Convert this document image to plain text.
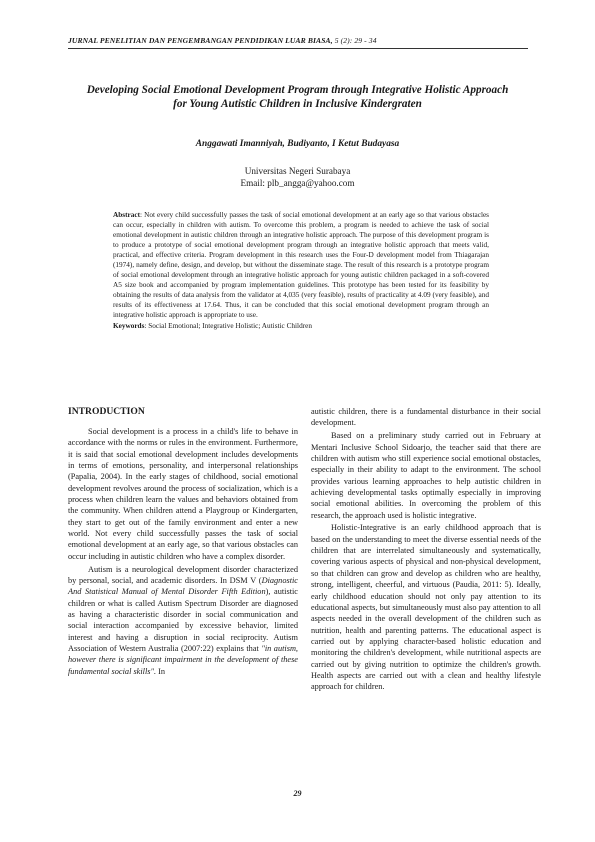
JURNAL PENELITIAN DAN PENGEMBANGAN PENDIDIKAN LUAR BIASA, 5 (2): 29 - 34
Developing Social Emotional Development Program through Integrative Holistic Approach
for Young Autistic Children in Inclusive Kindergraten
Anggawati Imanniyah, Budiyanto, I Ketut Budayasa
Universitas Negeri Surabaya
Email: plb_angga@yahoo.com

Abstract: Not every child successfully passes the task of social emotional development at an early age so that various obstacles can occur, especially in children with autism. To overcome this problem, a program is needed to achieve the task of social emotional development in autistic children through an integrative holistic approach. The purpose of this development program is to produce a prototype of social emotional development program through an integrative holistic approach that meets valid, practical, and effective criteria. Program development in this research uses the Four-D development model from Thiagarajan (1974), namely define, design, and develop, but without the disseminate stage. The result of this research is a prototype program of social emotional development through an integrative holistic approach for young autistic children packaged in a soft-covered A5 size book and accompanied by program implementation guidelines. This prototype has been tested for its feasibility by obtaining the results of data analysis from the validator at 4,035 (very feasible), results of practicality at 4.09 (very feasible), and results of its effectiveness at 17.64. Thus, it can be concluded that this social emotional development program through an integrative holistic approach is appropriate to use.

Keywords: Social Emotional; Integrative Holistic; Autistic Children

INTRODUCTION

Social development is a process in a child's life to behave in accordance with the norms or rules in the environment. Furthermore, it is said that social emotional development includes developments in terms of emotions, personality, and interpersonal relationships (Papalia, 2004). In the early stages of childhood, social emotional development revolves around the process of socialization, which is a process when children learn the values and behaviors obtained from the community. When children attend a Playgroup or Kindergarten, they start to get out of the family environment and enter a new world. Not every child successfully passes the task of social emotional development at an early age, so that various obstacles can occur including in autistic children who have a complex disorder.

Autism is a neurological development disorder characterized by personal, social, and academic disorders. In DSM V (Diagnostic And Statistical Manual of Mental Disorder Fifth Edition), autistic children or what is called Autism Spectrum Disorder are diagnosed as having a characteristic disorder in social communication and social interaction accompanied by excessive behavior, limited interest and having a disruption in social reciprocity. Autism Association of Western Australia (2007:22) explains that "in autism, however there is significant impairment in the development of these fundamental social skills". In

autistic children, there is a fundamental disturbance in their social development.

Based on a preliminary study carried out in February at Mentari Inclusive School Sidoarjo, the teacher said that there are children with autism who still experience social emotional obstacles, especially in their ability to adapt to the environment. The school provides various learning approaches to help autistic children in achieving developmental tasks optimally especially in improving social emotional abilities. In overcoming the problem of this research, the approach used is holistic integrative.

Holistic-Integrative is an early childhood approach that is based on the understanding to meet the diverse essential needs of the children that are interrelated simultaneously and systematically, covering various aspects of physical and non-physical development, so that children can grow and develop as children who are healthy, strong, intelligent, cheerful, and virtuous (Paudia, 2011: 5). Ideally, early childhood education should not only pay attention to its educational aspects, but simultaneously must also pay attention to all aspects needed in the overall development of the children such as nutrition, health and parenting patterns. The educational aspect is carried out by applying character-based holistic education and monitoring the children's development, while nutritional aspects are carried out by giving nutrition to optimize the children's growth. Health aspects are carried out with a clean and healthy lifestyle approach for children.

29
